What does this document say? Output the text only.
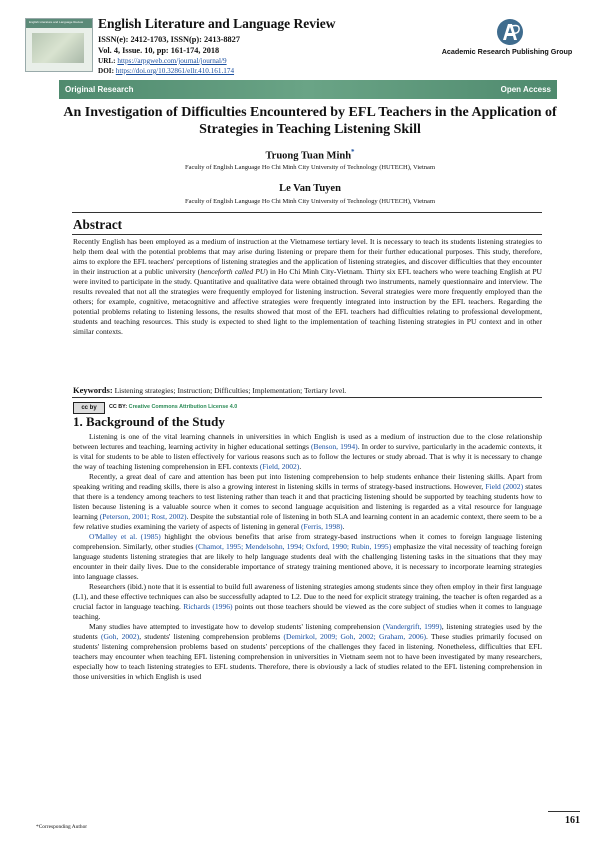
English Literature and Language Review English Literature and Language Review
ISSN(e): 2412-1703, ISSN(p): 2413-8827
Vol. 4, Issue. 10, pp: 161-174, 2018
URL: https://arpgweb.com/journal/journal/9
DOI: https://doi.org/10.32861/ellr.410.161.174
Academic Research Publishing Group
Original Research	Open Access
An Investigation of Difficulties Encountered by EFL Teachers in the Application of Strategies in Teaching Listening Skill
Truong Tuan Minh*
Faculty of English Language Ho Chi Minh City University of Technology (HUTECH), Vietnam
Le Van Tuyen
Faculty of English Language Ho Chi Minh City University of Technology (HUTECH), Vietnam
Abstract

Recently English has been employed as a medium of instruction at the Vietnamese tertiary level. It is necessary to teach its students listening strategies to help them deal with the potential problems that may arise during listening or prepare them for their further educational purposes. This study, therefore, aims to explore the EFL teachers' perceptions of listening strategies and the application of listening strategies, and discover difficulties that they encounter in their instruction at a public university (henceforth called PU) in Ho Chi Minh City-Vietnam. Thirty six EFL teachers who were teaching English at PU were invited to participate in the study. Quantitative and qualitative data were obtained through two instruments, namely questionnaire and interview. The results revealed that not all the strategies were frequently employed for listening instruction. Several strategies were more frequently employed than the others; for example, cognitive, metacognitive and affective strategies were frequently integrated into instruction by the EFL teachers. Regarding the potential problems relating to listening lessons, the results showed that most of the EFL teachers had difficulties relating to professional development, students and teaching resources. This study is expected to shed light to the implementation of teaching listening strategies in PU context and in other similar contexts.

Keywords: Listening strategies; Instruction; Difficulties; Implementation; Tertiary level.
cc by	CC BY: Creative Commons Attribution License 4.0
1. Background of the Study

Listening is one of the vital learning channels in universities in which English is used as a medium of instruction due to the close relationship between lectures and teaching, learning activity in higher educational settings (Benson, 1994). In order to survive, particularly in the academic contexts, it is vital for students to be able to listen effectively for various reasons such as to follow the lectures or study abroad. That is why it is necessary to change the way of teaching listening comprehension in EFL contexts (Field, 2002).

Recently, a great deal of care and attention has been put into listening comprehension to help students enhance their listening skills. Apart from speaking writing and reading skills, there is also a growing interest in listening skills in terms of strategy-based instructions. However, Field (2002) states that there is a tendency among teachers to test listening rather than teach it and that practicing listening should be supported by teaching students how to listen because listening is a valuable source when it comes to second language acquisition and listening is regarded as a vital resource for language learning (Peterson, 2001; Rost, 2002). Despite the substantial role of listening in both SLA and learning content in an academic context, there seem to be a few relative studies examining the variety of aspects of listening in general (Ferris, 1998).

O'Malley et al. (1985) highlight the obvious benefits that arise from strategy-based instructions when it comes to foreign language listening comprehension. Similarly, other studies (Chamot, 1995; Mendelsohn, 1994; Oxford, 1990; Rubin, 1995) emphasize the vital necessity of teaching foreign language students listening strategies that are likely to help language students deal with the challenging listening tasks in the situations that they may encounter in their daily lives. Due to the considerable importance of strategy training mentioned above, it is necessary to incorporate learning strategies into language classes.

Researchers (ibid.) note that it is essential to build full awareness of listening strategies among students since they often employ in their first language (L1), and these effective techniques can also be successfully adapted to L2. Due to the need for explicit strategy training, the teacher is often regarded as a crucial factor in language teaching. Richards (1996) points out those teachers should be viewed as the core subject of studies when it comes to language teaching.

Many studies have attempted to investigate how to develop students' listening comprehension (Vandergrift, 1999), listening strategies used by the students (Goh, 2002), students' listening comprehension problems (Demirkol, 2009; Goh, 2002; Graham, 2006). These studies primarily focused on students' listening comprehension problems based on students' perceptions of the challenges they faced in listening. Nonetheless, difficulties that EFL teachers may encounter when teaching EFL listening comprehension in universities in Vietnam seem not to have been investigated by many researchers, especially how to teach listening strategies to EFL students. Therefore, there is obviously a lack of studies related to the EFL listening comprehension in those universities in which English is used

*Corresponding Author
161
